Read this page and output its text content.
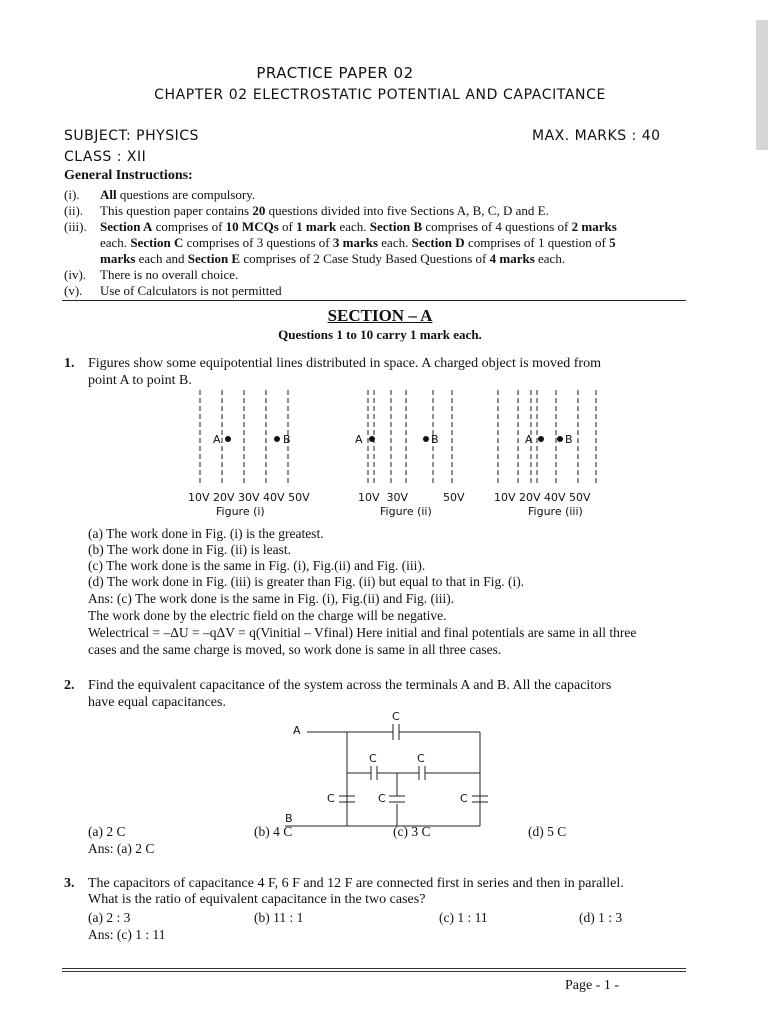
PRACTICE PAPER 02
CHAPTER 02 ELECTROSTATIC POTENTIAL AND CAPACITANCE
SUBJECT: PHYSICS	MAX. MARKS : 40
CLASS : XII
General Instructions:
(i). All questions are compulsory.
(ii). This question paper contains 20 questions divided into five Sections A, B, C, D and E.
(iii). Section A comprises of 10 MCQs of 1 mark each. Section B comprises of 4 questions of 2 marks
each. Section C comprises of 3 questions of 3 marks each. Section D comprises of 1 question of 5
marks each and Section E comprises of 2 Case Study Based Questions of 4 marks each.
(iv). There is no overall choice.
(v). Use of Calculators is not permitted
SECTION – A
Questions 1 to 10 carry 1 mark each.
1. Figures show some equipotential lines distributed in space. A charged object is moved from
point A to point B.
A	B	A	B	A	B
10V 20V 30V 40V 50V	10V  30V          50V	10V 20V 40V 50V
Figure (i)	Figure (ii)	Figure (iii)
(a) The work done in Fig. (i) is the greatest.
(b) The work done in Fig. (ii) is least.
(c) The work done is the same in Fig. (i), Fig.(ii) and Fig. (iii).
(d) The work done in Fig. (iii) is greater than Fig. (ii) but equal to that in Fig. (i).
Ans: (c) The work done is the same in Fig. (i), Fig.(ii) and Fig. (iii).
The work done by the electric field on the charge will be negative.
Welectrical = –ΔU = –qΔV = q(Vinitial – Vfinal) Here initial and final potentials are same in all three
cases and the same charge is moved, so work done is same in all three cases.
2. Find the equivalent capacitance of the system across the terminals A and B. All the capacitors
have equal capacitances.
A
B
C
C	C
C	C	C
(a) 2 C	(b) 4 C	(c) 3 C	(d) 5 C
Ans: (a) 2 C
3. The capacitors of capacitance 4 F, 6 F and 12 F are connected first in series and then in parallel.
What is the ratio of equivalent capacitance in the two cases?
(a) 2 : 3	(b) 11 : 1	(c) 1 : 11	(d) 1 : 3
Ans: (c) 1 : 11
Page - 1 -
